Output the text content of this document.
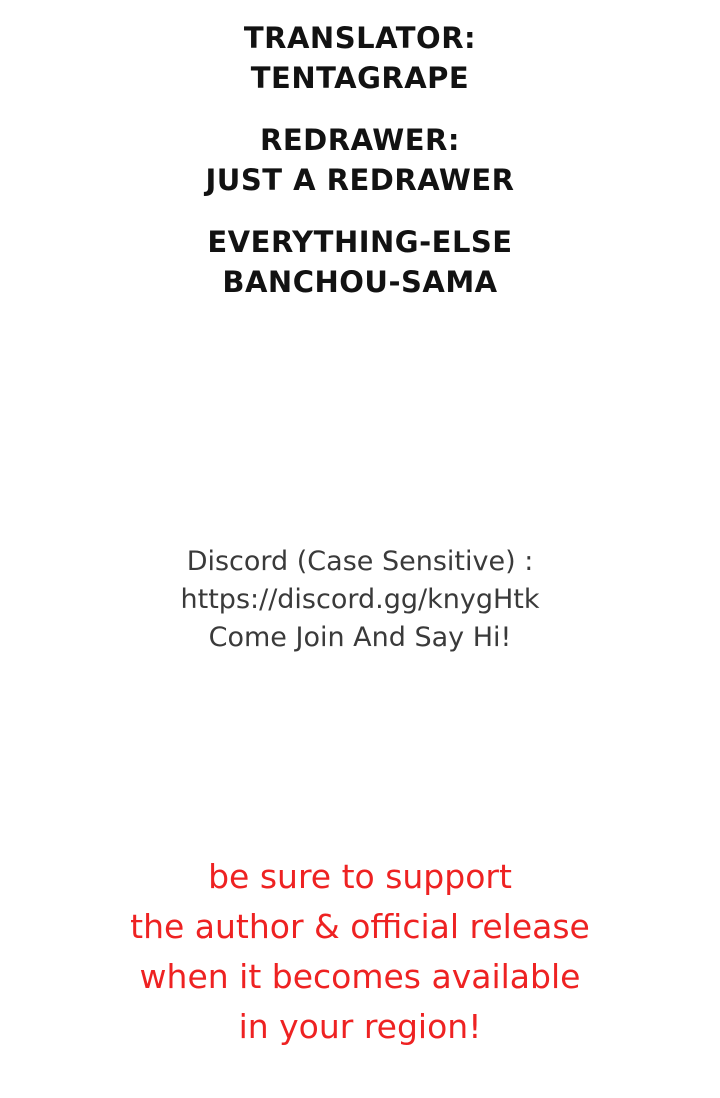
TRANSLATOR:
TENTAGRAPE
REDRAWER:
JUST A REDRAWER
EVERYTHING-ELSE
BANCHOU-SAMA
Discord (Case Sensitive) :
https://discord.gg/knygHtk
Come Join And Say Hi!
be sure to support
the author & official release
when it becomes available
in your region!
